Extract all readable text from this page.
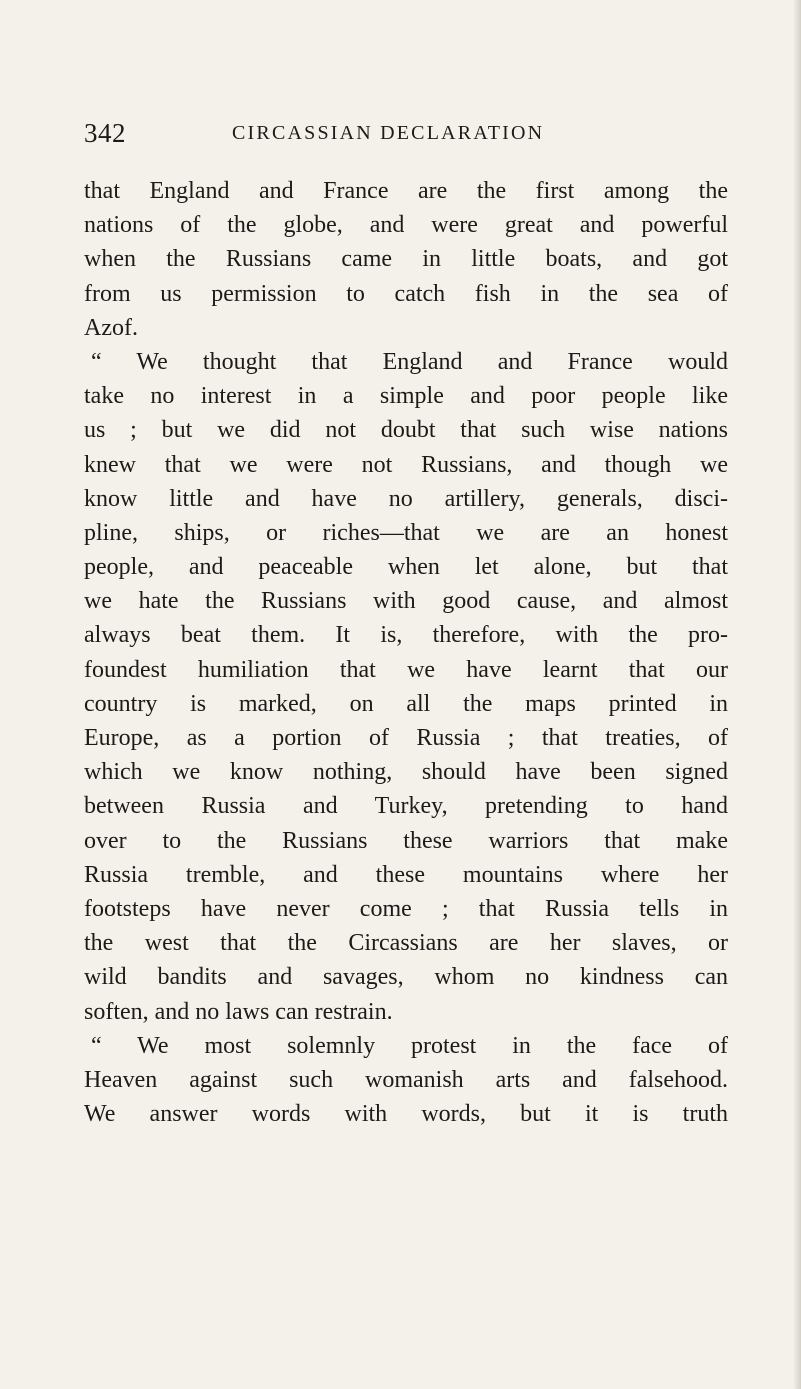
342	CIRCASSIAN DECLARATION

that England and France are the first among the

nations of the globe, and were great and powerful

when the Russians came in little boats, and got

from us permission to catch fish in the sea of

Azof.

“ We thought that England and France would

take no interest in a simple and poor people like

us ; but we did not doubt that such wise nations

knew that we were not Russians, and though we

know little and have no artillery, generals, disci-

pline, ships, or riches—that we are an honest

people, and peaceable when let alone, but that

we hate the Russians with good cause, and almost

always beat them. It is, therefore, with the pro-

foundest humiliation that we have learnt that our

country is marked, on all the maps printed in

Europe, as a portion of Russia ; that treaties, of

which we know nothing, should have been signed

between Russia and Turkey, pretending to hand

over to the Russians these warriors that make

Russia tremble, and these mountains where her

footsteps have never come ; that Russia tells in

the west that the Circassians are her slaves, or

wild bandits and savages, whom no kindness can

soften, and no laws can restrain.

“ We most solemnly protest in the face of

Heaven against such womanish arts and falsehood.

We answer words with words, but it is truth
